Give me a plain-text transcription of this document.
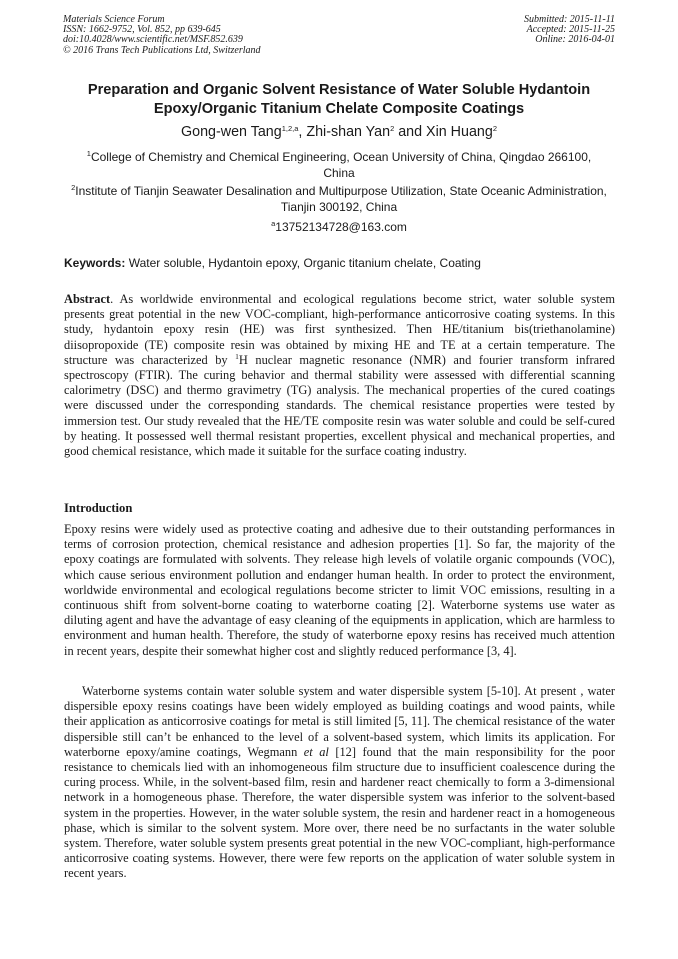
Materials Science Forum
ISSN: 1662-9752, Vol. 852, pp 639-645
doi:10.4028/www.scientific.net/MSF.852.639
© 2016 Trans Tech Publications Ltd, Switzerland
Submitted: 2015-11-11
Accepted: 2015-11-25
Online: 2016-04-01
Preparation and Organic Solvent Resistance of Water Soluble Hydantoin Epoxy/Organic Titanium Chelate Composite Coatings
Gong-wen Tang$^{1,2,a}$, Zhi-shan Yan$^2$ and Xin Huang$^2$
$^1$College of Chemistry and Chemical Engineering, Ocean University of China, Qingdao 266100, China
$^2$Institute of Tianjin Seawater Desalination and Multipurpose Utilization, State Oceanic Administration, Tianjin 300192, China
$^a$13752134728@163.com
Keywords: Water soluble, Hydantoin epoxy, Organic titanium chelate, Coating
Abstract. As worldwide environmental and ecological regulations become strict, water soluble system presents great potential in the new VOC-compliant, high-performance anticorrosive coating systems. In this study, hydantoin epoxy resin (HE) was first synthesized. Then HE/titanium bis(triethanolamine) diisopropoxide (TE) composite resin was obtained by mixing HE and TE at a certain temperature. The structure was characterized by $^1$H nuclear magnetic resonance (NMR) and fourier transform infrared spectroscopy (FTIR). The curing behavior and thermal stability were assessed with differential scanning calorimetry (DSC) and thermo gravimetry (TG) analysis. The mechanical properties of the cured coatings were discussed under the corresponding standards. The chemical resistance properties were tested by immersion test. Our study revealed that the HE/TE composite resin was water soluble and could be self-cured by heating. It possessed well thermal resistant properties, excellent physical and mechanical properties, and good chemical resistance, which made it suitable for the surface coating industry.
Introduction
Epoxy resins were widely used as protective coating and adhesive due to their outstanding performances in terms of corrosion protection, chemical resistance and adhesion properties [1]. So far, the majority of the epoxy coatings are formulated with solvents. They release high levels of volatile organic compounds (VOC), which cause serious environment pollution and endanger human health. In order to protect the environment, worldwide environmental and ecological regulations become stricter to limit VOC emissions, resulting in a continuous shift from solvent-borne coating to waterborne coating [2]. Waterborne systems use water as diluting agent and have the advantage of easy cleaning of the equipments in application, which are harmless to environment and human health. Therefore, the study of waterborne epoxy resins has received much attention in recent years, despite their somewhat higher cost and slightly reduced performance [3, 4].
Waterborne systems contain water soluble system and water dispersible system [5-10]. At present , water dispersible epoxy resins coatings have been widely employed as building coatings and wood paints, while their application as anticorrosive coatings for metal is still limited [5, 11]. The chemical resistance of the water dispersible still can’t be enhanced to the level of a solvent-based system, which limits its application. For waterborne epoxy/amine coatings, Wegmann et al [12] found that the main responsibility for the poor resistance to chemicals lied with an inhomogeneous film structure due to insufficient coalescence during the curing process. While, in the solvent-based film, resin and hardener react chemically to form a 3-dimensional network in a homogeneous phase. Therefore, the water dispersible system was inferior to the solvent-based system in the properties. However, in the water soluble system, the resin and hardener react in a homogeneous phase, which is similar to the solvent system. More over, there need be no surfactants in the water soluble system. Therefore, water soluble system presents great potential in the new VOC-compliant, high-performance anticorrosive coating systems. However, there were few reports on the application of water soluble system in recent years.
